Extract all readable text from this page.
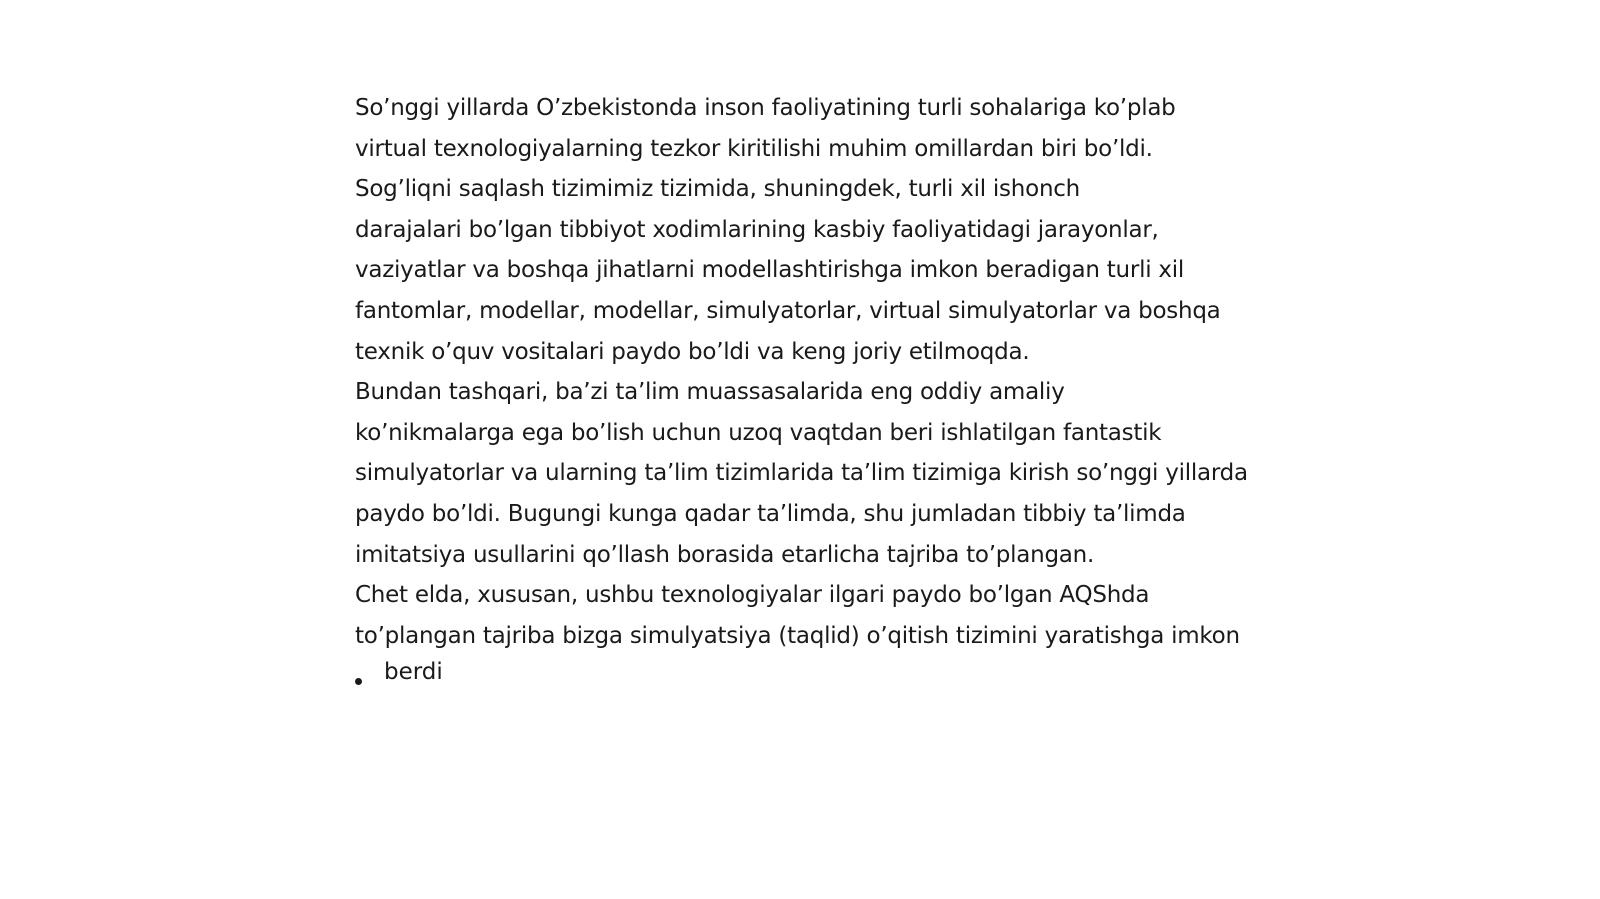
So’nggi yillarda O’zbekistonda inson faoliyatining turli sohalariga ko’plab
virtual texnologiyalarning tezkor kiritilishi muhim omillardan biri bo’ldi.
Sog’liqni saqlash tizimimiz tizimida, shuningdek, turli xil ishonch
darajalari bo’lgan tibbiyot xodimlarining kasbiy faoliyatidagi jarayonlar,
vaziyatlar va boshqa jihatlarni modellashtirishga imkon beradigan turli xil
fantomlar, modellar, modellar, simulyatorlar, virtual simulyatorlar va boshqa
texnik o’quv vositalari paydo bo’ldi va keng joriy etilmoqda.
Bundan tashqari, ba’zi ta’lim muassasalarida eng oddiy amaliy
ko’nikmalarga ega bo’lish uchun uzoq vaqtdan beri ishlatilgan fantastik
simulyatorlar va ularning ta’lim tizimlarida ta’lim tizimiga kirish so’nggi yillarda
paydo bo’ldi. Bugungi kunga qadar ta’limda, shu jumladan tibbiy ta’limda
imitatsiya usullarini qo’llash borasida etarlicha tajriba to’plangan.
Chet elda, xususan, ushbu texnologiyalar ilgari paydo bo’lgan AQShda
to’plangan tajriba bizga simulyatsiya (taqlid) o’qitish tizimini yaratishga imkon
berdi
